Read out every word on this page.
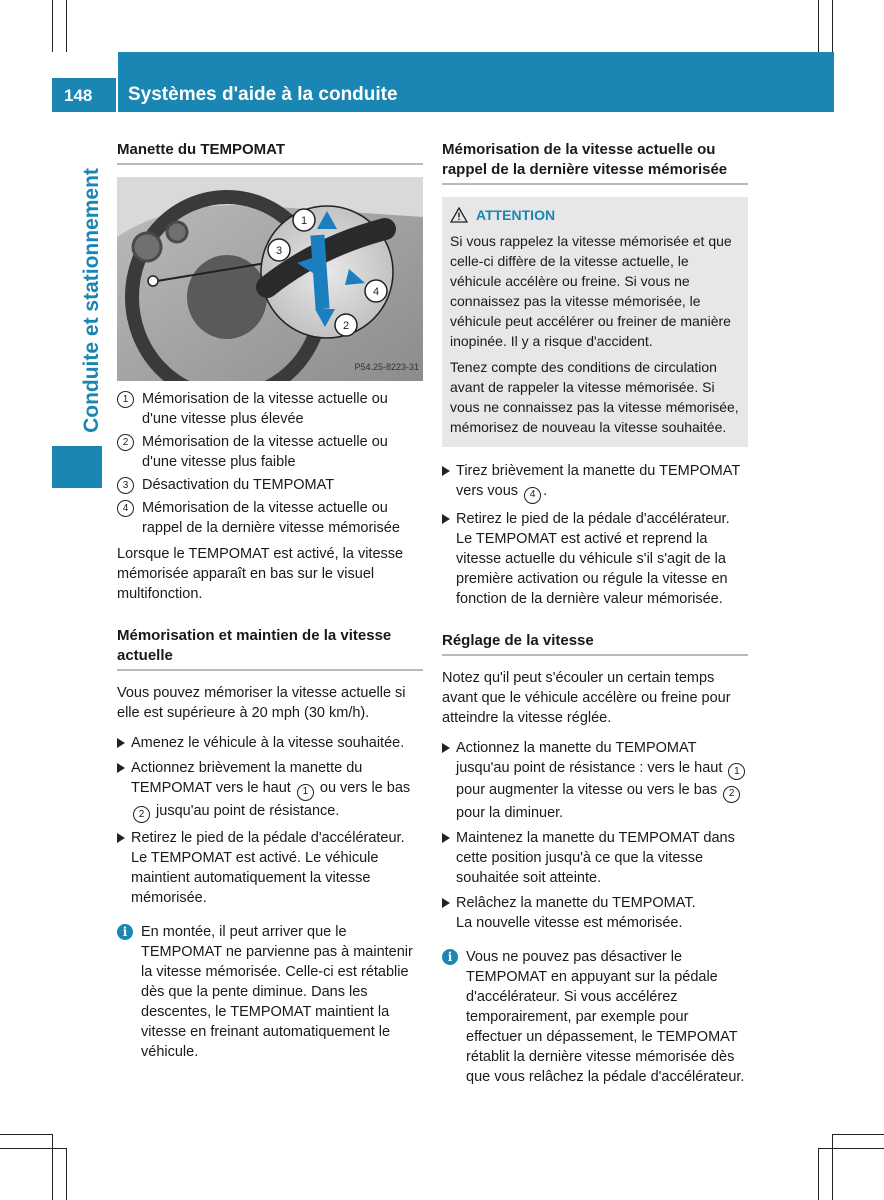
148 Systèmes d'aide à la conduite
Conduite et stationnement
Manette du TEMPOMAT
1
3
4
2
P54.25-8223-31
1 Mémorisation de la vitesse actuelle ou d'une vitesse plus élevée
2 Mémorisation de la vitesse actuelle ou d'une vitesse plus faible
3 Désactivation du TEMPOMAT
4 Mémorisation de la vitesse actuelle ou rappel de la dernière vitesse mémorisée

Lorsque le TEMPOMAT est activé, la vitesse mémorisée apparaît en bas sur le visuel multifonction.

Mémorisation et maintien de la vitesse actuelle

Vous pouvez mémoriser la vitesse actuelle si elle est supérieure à 20 mph (30 km/h).

Amenez le véhicule à la vitesse souhaitée.
Actionnez brièvement la manette du TEMPOMAT vers le haut 1 ou vers le bas 2 jusqu'au point de résistance.
Retirez le pied de la pédale d'accélérateur. Le TEMPOMAT est activé. Le véhicule maintient automatiquement la vitesse mémorisée.
i En montée, il peut arriver que le TEMPOMAT ne parvienne pas à maintenir la vitesse mémorisée. Celle-ci est rétablie dès que la pente diminue. Dans les descentes, le TEMPOMAT maintient la vitesse en freinant automatiquement le véhicule.
Mémorisation de la vitesse actuelle ou rappel de la dernière vitesse mémorisée
ATTENTION

Si vous rappelez la vitesse mémorisée et que celle-ci diffère de la vitesse actuelle, le véhicule accélère ou freine. Si vous ne connaissez pas la vitesse mémorisée, le véhicule peut accélérer ou freiner de manière inopinée. Il y a risque d'accident.

Tenez compte des conditions de circulation avant de rappeler la vitesse mémorisée. Si vous ne connaissez pas la vitesse mémorisée, mémorisez de nouveau la vitesse souhaitée.

Tirez brièvement la manette du TEMPOMAT vers vous 4 .
Retirez le pied de la pédale d'accélérateur. Le TEMPOMAT est activé et reprend la vitesse actuelle du véhicule s'il s'agit de la première activation ou régule la vitesse en fonction de la dernière valeur mémorisée.
Réglage de la vitesse

Notez qu'il peut s'écouler un certain temps avant que le véhicule accélère ou freine pour atteindre la vitesse réglée.

Actionnez la manette du TEMPOMAT jusqu'au point de résistance : vers le haut 1 pour augmenter la vitesse ou vers le bas 2 pour la diminuer.
Maintenez la manette du TEMPOMAT dans cette position jusqu'à ce que la vitesse souhaitée soit atteinte.
Relâchez la manette du TEMPOMAT.
La nouvelle vitesse est mémorisée.
i Vous ne pouvez pas désactiver le TEMPOMAT en appuyant sur la pédale d'accélérateur. Si vous accélérez temporairement, par exemple pour effectuer un dépassement, le TEMPOMAT rétablit la dernière vitesse mémorisée dès que vous relâchez la pédale d'accélérateur.
